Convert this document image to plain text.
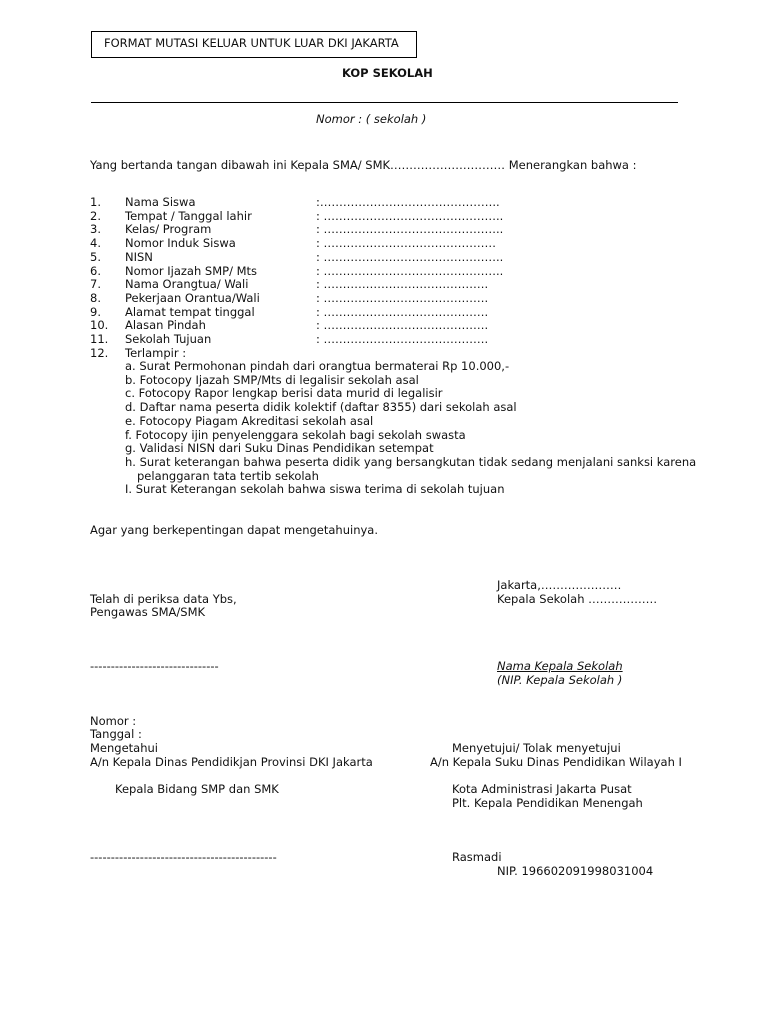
FORMAT MUTASI KELUAR UNTUK LUAR DKI JAKARTA
KOP SEKOLAH
Nomor : ( sekolah )
Yang bertanda tangan dibawah ini Kepala SMA/ SMK………………………… Menerangkan bahwa :
1. Nama Siswa	:………………………………………..
2. Tempat / Tanggal lahir	: ………………………………………..
3. Kelas/ Program	: ………………………………………..
4. Nomor Induk Siswa	: ………………………………………
5. NISN	: ………………………………………..
6. Nomor Ijazah SMP/ Mts	: ………………………………………..
7. Nama Orangtua/ Wali	: …………………………………….
8. Pekerjaan Orantua/Wali	: …………………………………….
9. Alamat tempat tinggal	: …………………………………….
10. Alasan Pindah	: …………………………………….
11. Sekolah Tujuan	: …………………………………….
12. Terlampir :
a. Surat Permohonan pindah dari orangtua bermaterai Rp 10.000,-
b. Fotocopy Ijazah SMP/Mts di legalisir sekolah asal
c. Fotocopy Rapor lengkap berisi data murid di legalisir
d. Daftar nama peserta didik kolektif (daftar 8355) dari sekolah asal
e. Fotocopy Piagam Akreditasi sekolah asal
f. Fotocopy ijin penyelenggara sekolah bagi sekolah swasta
g. Validasi NISN dari Suku Dinas Pendidikan setempat
h. Surat keterangan bahwa peserta didik yang bersangkutan tidak sedang menjalani sanksi karena
pelanggaran tata tertib sekolah
I. Surat Keterangan sekolah bahwa siswa terima di sekolah tujuan
Agar yang berkepentingan dapat mengetahuinya.
Jakarta,…………………
Telah di periksa data Ybs,	Kepala Sekolah ………………
Pengawas SMA/SMK
-------------------------------	Nama Kepala Sekolah
(NIP. Kepala Sekolah )
Nomor :
Tanggal :
Mengetahui	Menyetujui/ Tolak menyetujui
A/n Kepala Dinas Pendidikjan Provinsi DKI Jakarta	A/n Kepala Suku Dinas Pendidikan Wilayah I
Kepala Bidang SMP dan SMK	Kota Administrasi Jakarta Pusat
Plt. Kepala Pendidikan Menengah
---------------------------------------------	Rasmadi
NIP. 196602091998031004
